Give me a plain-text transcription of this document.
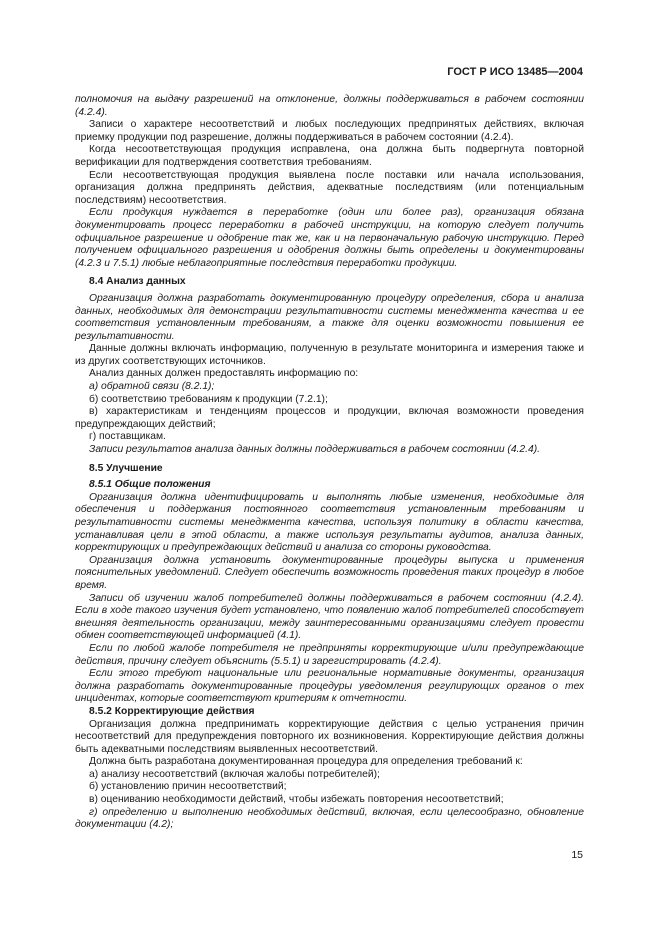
ГОСТ Р ИСО 13485—2004

полномочия на выдачу разрешений на отклонение, должны поддерживаться в рабочем состоянии (4.2.4).

Записи о характере несоответствий и любых последующих предпринятых действиях, включая приемку продукции под разрешение, должны поддерживаться в рабочем состоянии (4.2.4).

Когда несоответствующая продукция исправлена, она должна быть подвергнута повторной верификации для подтверждения соответствия требованиям.

Если несоответствующая продукция выявлена после поставки или начала использования, организация должна предпринять действия, адекватные последствиям (или потенциальным последствиям) несоответствия.

Если продукция нуждается в переработке (один или более раз), организация обязана документировать процесс переработки в рабочей инструкции, на которую следует получить официальное разрешение и одобрение так же, как и на первоначальную рабочую инструкцию. Перед получением официального разрешения и одобрения должны быть определены и документированы (4.2.3 и 7.5.1) любые неблагоприятные последствия переработки продукции.

8.4 Анализ данных

Организация должна разработать документированную процедуру определения, сбора и анализа данных, необходимых для демонстрации результативности системы менеджмента качества и ее соответствия установленным требованиям, а также для оценки возможности повышения ее результативности.

Данные должны включать информацию, полученную в результате мониторинга и измерения также и из других соответствующих источников.

Анализ данных должен предоставлять информацию по:

а) обратной связи (8.2.1);

б) соответствию требованиям к продукции (7.2.1);

в) характеристикам и тенденциям процессов и продукции, включая возможности проведения предупреждающих действий;

г) поставщикам.

Записи результатов анализа данных должны поддерживаться в рабочем состоянии (4.2.4).

8.5 Улучшение

8.5.1 Общие положения

Организация должна идентифицировать и выполнять любые изменения, необходимые для обеспечения и поддержания постоянного соответствия установленным требованиям и результативности системы менеджмента качества, используя политику в области качества, устанавливая цели в этой области, а также используя результаты аудитов, анализа данных, корректирующих и предупреждающих действий и анализа со стороны руководства.

Организация должна установить документированные процедуры выпуска и применения пояснительных уведомлений. Следует обеспечить возможность проведения таких процедур в любое время.

Записи об изучении жалоб потребителей должны поддерживаться в рабочем состоянии (4.2.4). Если в ходе такого изучения будет установлено, что появлению жалоб потребителей способствует внешняя деятельность организации, между заинтересованными организациями следует провести обмен соответствующей информацией (4.1).

Если по любой жалобе потребителя не предприняты корректирующие и/или предупреждающие действия, причину следует объяснить (5.5.1) и зарегистрировать (4.2.4).

Если этого требуют национальные или региональные нормативные документы, организация должна разработать документированные процедуры уведомления регулирующих органов о тех инцидентах, которые соответствуют критериям к отчетности.

8.5.2 Корректирующие действия

Организация должна предпринимать корректирующие действия с целью устранения причин несоответствий для предупреждения повторного их возникновения. Корректирующие действия должны быть адекватными последствиям выявленных несоответствий.

Должна быть разработана документированная процедура для определения требований к:

а) анализу несоответствий (включая жалобы потребителей);

б) установлению причин несоответствий;

в) оцениванию необходимости действий, чтобы избежать повторения несоответствий;

г) определению и выполнению необходимых действий, включая, если целесообразно, обновление документации (4.2);

15
